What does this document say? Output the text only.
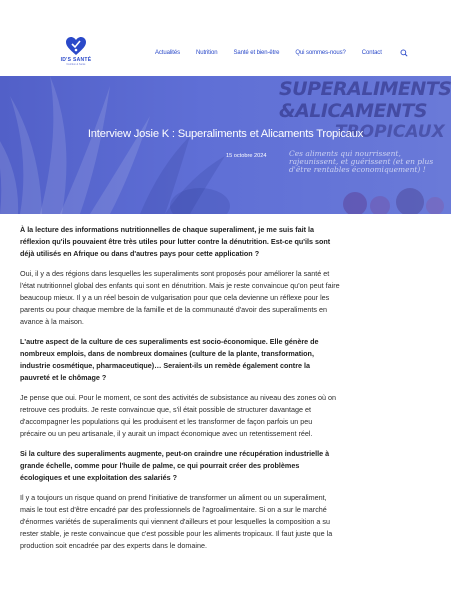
ID'S SANTÉ
Nutrition & Santé
Actualités	Nutrition	Santé et bien-être	Qui sommes-nous?	Contact
SUPERALIMENTS
&ALICAMENTS
TROPICAUX
Ces aliments qui nourrissent, rajeunissent, et guérissent (et en plus d'être rentables économiquement) !
Interview Josie K : Superaliments et Alicaments Tropicaux
15 octobre 2024

À la lecture des informations nutritionnelles de chaque superaliment, je me suis fait la réflexion qu'ils pouvaient être très utiles pour lutter contre la dénutrition. Est-ce qu'ils sont déjà utilisés en Afrique ou dans d'autres pays pour cette application ?

Oui, il y a des régions dans lesquelles les superaliments sont proposés pour améliorer la santé et l'état nutritionnel global des enfants qui sont en dénutrition. Mais je reste convaincue qu'on peut faire beaucoup mieux. Il y a un réel besoin de vulgarisation pour que cela devienne un réflexe pour les parents ou pour chaque membre de la famille et de la communauté d'avoir des superaliments en avance à la maison.

L'autre aspect de la culture de ces superaliments est socio-économique. Elle génère de nombreux emplois, dans de nombreux domaines (culture de la plante, transformation, industrie cosmétique, pharmaceutique)… Seraient-ils un remède également contre la pauvreté et le chômage ?

Je pense que oui. Pour le moment, ce sont des activités de subsistance au niveau des zones où on retrouve ces produits. Je reste convaincue que, s'il était possible de structurer davantage et d'accompagner les populations qui les produisent et les transformer de façon parfois un peu précaire ou un peu artisanale, il y aurait un impact économique avec un retentissement réel.

Si la culture des superaliments augmente, peut-on craindre une récupération industrielle à grande échelle, comme pour l'huile de palme, ce qui pourrait créer des problèmes écologiques et une exploitation des salariés ?

Il y a toujours un risque quand on prend l'initiative de transformer un aliment ou un superaliment, mais le tout est d'être encadré par des professionnels de l'agroalimentaire. Si on a sur le marché d'énormes variétés de superaliments qui viennent d'ailleurs et pour lesquelles la composition a su rester stable, je reste convaincue que c'est possible pour les aliments tropicaux. Il faut juste que la production soit encadrée par des experts dans le domaine.
